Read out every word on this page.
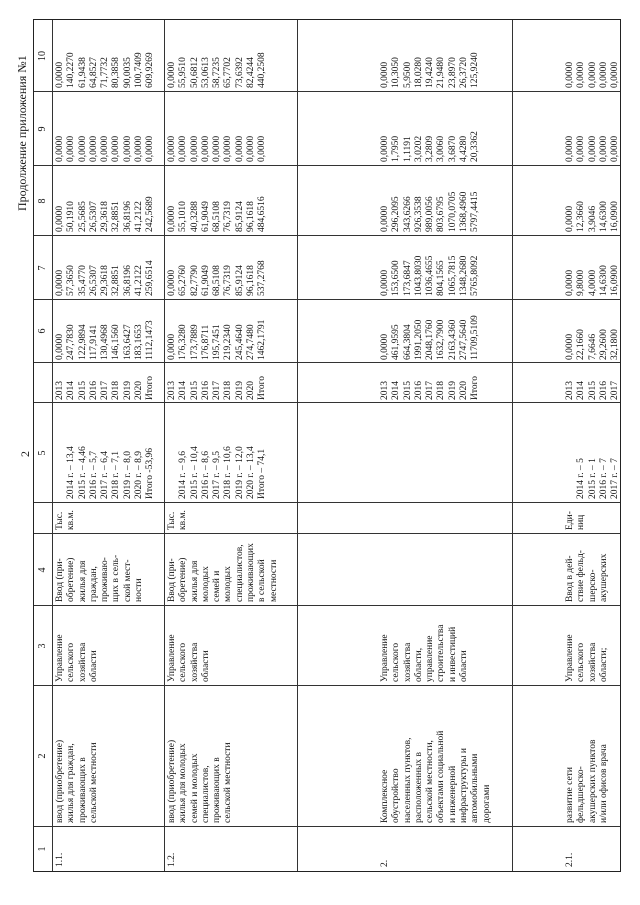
2
Продолжение приложения №1
1
2
3
4
5
6
7
8
9
10
1.1.
ввод (приобретение)
жилья для граждан,
проживающих в
сельской местности
Управление
сельского
хозяйства
области
Ввод (при-
обретение)
жилья для
граждан,
проживаю-
щих в сель-
ской мест-
ности
Тыс.
кв.м.

2014 г. – 13,4
2015 г. – 4,46
2016 г. – 5,7
2017 г. – 6,4
2018 г. – 7,1
2019 г. – 8,0
2020 г. – 8,9
Итого -53,96
2013
2014
2015
2016
2017
2018
2019
2020
Итого
0,0000
247,7830
122,9894
117,9141
130,4968
146,1560
163,6427
183,1653
1112,1473
0,0000
57,3650
35,4770
26,5307
29,3618
32,8851
36,8196
41,2122
259,6514
0,0000
50,1910
25,5685
26,5307
29,3618
32,8851
36,8196
41,2122
242,5689
0,0000
0,0000
0,0000
0,0000
0,0000
0,0000
0,0000
0,0000
0,0000
0,0000
140,2270
61,9438
64,8527
71,7732
80,3858
90,0035
100,7409
609,9269
1.2.
ввод (приобретение)
жилья для молодых
семей и молодых
специалистов,
проживающих в
сельской местности
Управление
сельского
хозяйства
области
Ввод (при-
обретение)
жилья для
молодых
семей и
молодых
специалистов,
проживающих
в сельской
местности
Тыс.
кв.м.

2014 г. – 9,6
2015 г. – 10,4
2016 г. – 8,6
2017 г. – 9,5
2018 г. – 10,6
2019 г. – 12,0
2020 г. – 13,4
Итого – 74,1
2013
2014
2015
2016
2017
2018
2019
2020
Итого
0,0000
176,3280
173,7889
176,8711
195,7451
219,2340
245,4640
274,7480
1462,1791
0,0000
65,2760
82,7790
61,9049
68,5108
76,7319
85,9124
96,1618
537,2768
0,0000
55,1010
40,3288
61,9049
68,5108
76,7319
85,9124
96,1618
484,6516
0,0000
0,0000
0,0000
0,0000
0,0000
0,0000
0,0000
0,0000
0,0000
0,0000
55,9510
50,6812
53,0613
58,7235
65,7702
73,6392
82,4244
440,2508
2.
Комплексное
обустройство
населенных пунктов,
расположенных в
сельской местности,
объектами социальной
и инженерной
инфраструктуры и
автомобильными
дорогами
Управление
сельского
хозяйства
области,
управление
строительства
и инвестиций
области
2013
2014
2015
2016
2017
2018
2019
2020
Итого
0,0000
461,9595
664,3804
1991,2050
2048,1760
1632,7900
2163,4360
2747,5640
11709,5109
0,0000
153,6500
173,6847
1043,8030
1036,4655
804,1565
1065,7815
1348,2680
5765,8092
0,0000
296,2095
343,6266
926,3538
989,0056
803,6795
1070,0705
1368,4960
5797,4415
0,0000
1,7950
1,1191
3,0202
3,2809
3,0060
3,6870
4,4280
20,3362
0,0000
10,3050
5,9500
18,0280
19,4240
21,9480
23,8970
26,3720
125,9240
2.1.
развитие сети
фельдшерско-
акушерских пунктов
и/или офисов врача
Управление
сельского
хозяйства
области;
Ввод в дей-
ствие фельд-
шерско-
акушерских
Еди-
ниц

2014 г. – 5
2015 г. – 1
2016 г. – 7
2017 г. – 7
2013
2014
2015
2016
2017
0,0000
22,1660
7,6646
29,2600
32,1800
0,0000
9,8000
4,0000
14,6300
16,0900
0,0000
12,3660
3,9046
14,6300
16,0900
0,0000
0,0000
0,0000
0,0000
0,0000
0,0000
0,0000
0,0000
0,0000
0,0000
